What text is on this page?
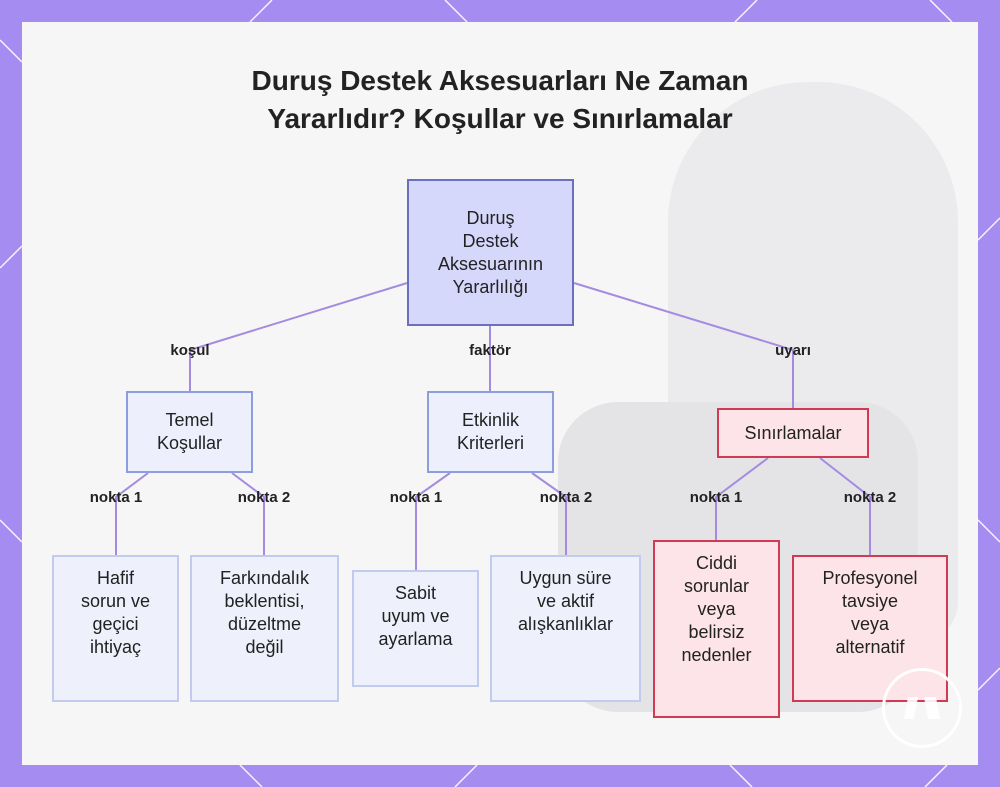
Duruş Destek Aksesuarları Ne Zaman
Yararlıdır? Koşullar ve Sınırlamalar
Duruş
Destek
Aksesuarının
Yararlılığı
Temel
Koşullar
Etkinlik
Kriterleri
Sınırlamalar
Hafif
sorun ve
geçici
ihtiyaç
Farkındalık
beklentisi,
düzeltme
değil
Sabit
uyum ve
ayarlama
Uygun süre
ve aktif
alışkanlıklar
Ciddi
sorunlar
veya
belirsiz
nedenler
Profesyonel
tavsiye
veya
alternatif
koşul	faktör	uyarı
nokta 1	nokta 2	nokta 1	nokta 2	nokta 1	nokta 2
